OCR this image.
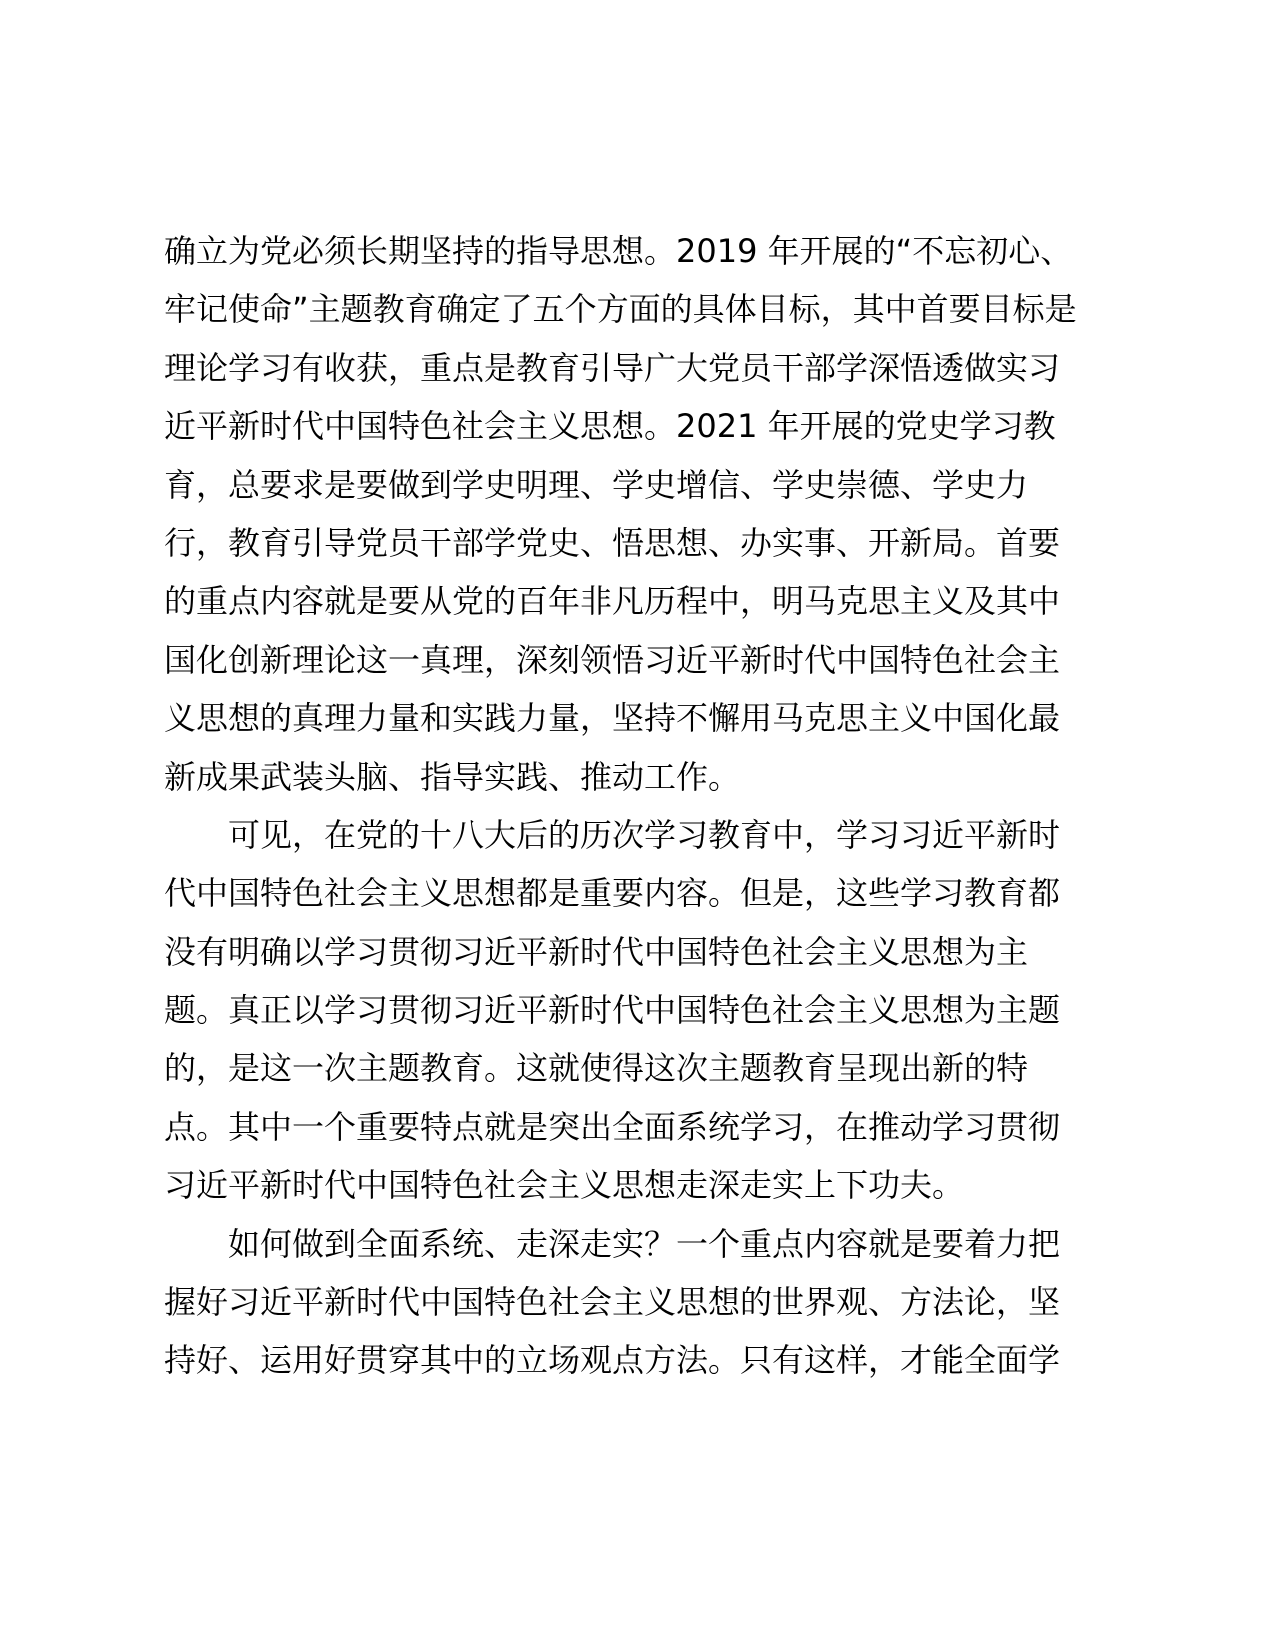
确立为党必须长期坚持的指导思想。2019 年开展的“不忘初心、
牢记使命”主题教育确定了五个方面的具体目标，其中首要目标是
理论学习有收获，重点是教育引导广大党员干部学深悟透做实习
近平新时代中国特色社会主义思想。2021 年开展的党史学习教
育，总要求是要做到学史明理、学史增信、学史崇德、学史力
行，教育引导党员干部学党史、悟思想、办实事、开新局。首要
的重点内容就是要从党的百年非凡历程中，明马克思主义及其中
国化创新理论这一真理，深刻领悟习近平新时代中国特色社会主
义思想的真理力量和实践力量，坚持不懈用马克思主义中国化最
新成果武装头脑、指导实践、推动工作。
可见，在党的十八大后的历次学习教育中，学习习近平新时
代中国特色社会主义思想都是重要内容。但是，这些学习教育都
没有明确以学习贯彻习近平新时代中国特色社会主义思想为主
题。真正以学习贯彻习近平新时代中国特色社会主义思想为主题
的，是这一次主题教育。这就使得这次主题教育呈现出新的特
点。其中一个重要特点就是突出全面系统学习，在推动学习贯彻
习近平新时代中国特色社会主义思想走深走实上下功夫。
如何做到全面系统、走深走实？一个重点内容就是要着力把
握好习近平新时代中国特色社会主义思想的世界观、方法论，坚
持好、运用好贯穿其中的立场观点方法。只有这样，才能全面学
